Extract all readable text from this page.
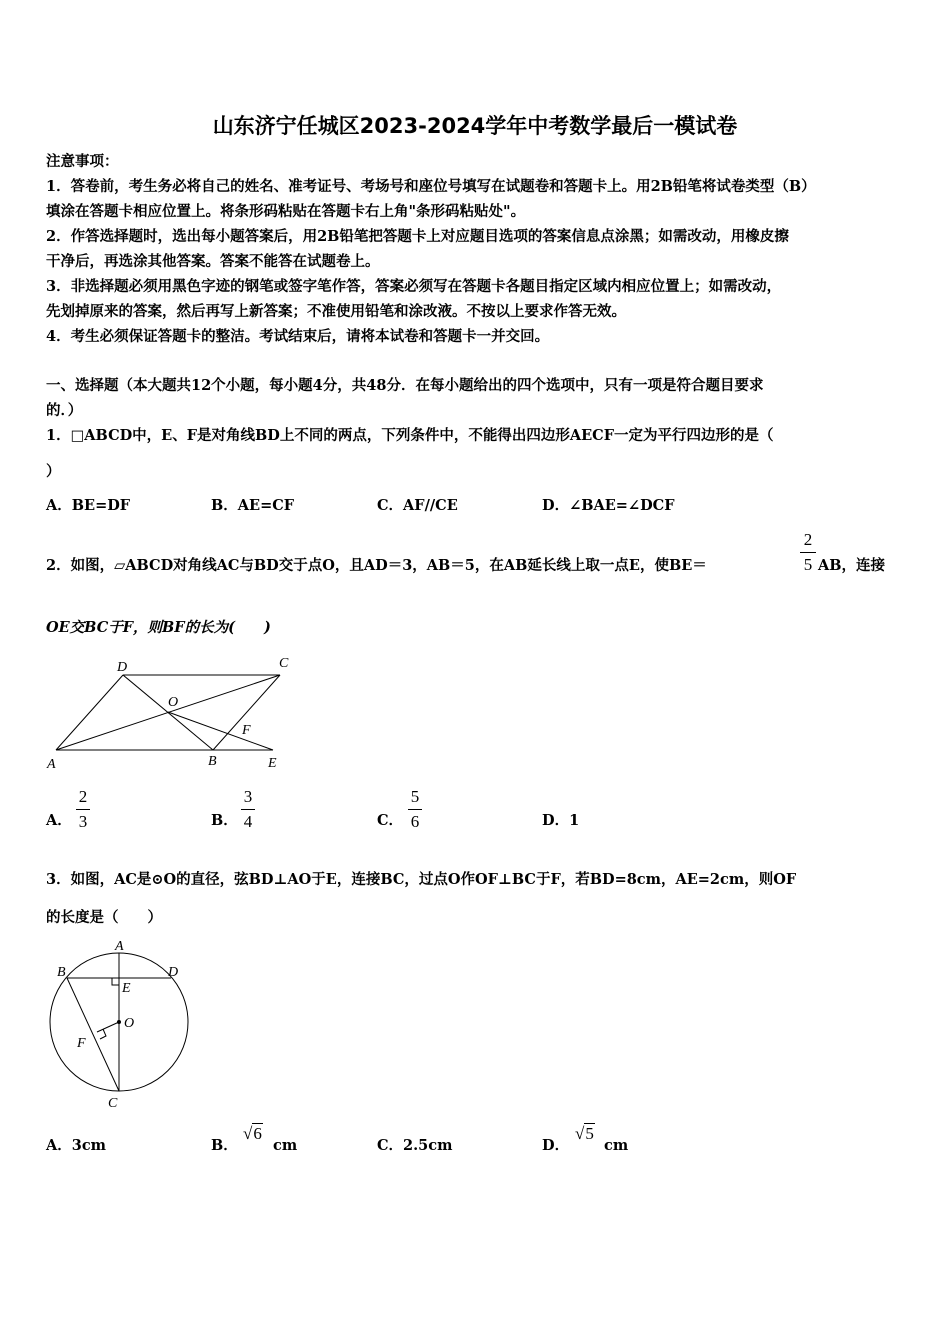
山东济宁任城区2023-2024学年中考数学最后一模试卷
注意事项：
1．答卷前，考生务必将自己的姓名、准考证号、考场号和座位号填写在试题卷和答题卡上。用2B铅笔将试卷类型（B）
填涂在答题卡相应位置上。将条形码粘贴在答题卡右上角"条形码粘贴处"。
2．作答选择题时，选出每小题答案后，用2B铅笔把答题卡上对应题目选项的答案信息点涂黑；如需改动，用橡皮擦
干净后，再选涂其他答案。答案不能答在试题卷上。
3．非选择题必须用黑色字迹的钢笔或签字笔作答，答案必须写在答题卡各题目指定区域内相应位置上；如需改动，
先划掉原来的答案，然后再写上新答案；不准使用铅笔和涂改液。不按以上要求作答无效。
4．考生必须保证答题卡的整洁。考试结束后，请将本试卷和答题卡一并交回。
一、选择题（本大题共12个小题，每小题4分，共48分．在每小题给出的四个选项中，只有一项是符合题目要求
的．）
1．□ABCD中，E、F是对角线BD上不同的两点，下列条件中，不能得出四边形AECF一定为平行四边形的是（
）
A．BE=DF	B．AE=CF	C．AF//CE	D．∠BAE=∠DCF
2．如图，▱ABCD对角线AC与BD交于点O，且AD＝3，AB＝5，在AB延长线上取一点E，使BE＝
2
5 AB，连接
OE交BC于F，则BF的长为(　　)
D	C
O
F
A	B	E
A．
2
3	B．
3
4	C．
5
6	D．1
3．如图，AC是⊙O的直径，弦BD⊥AO于E，连接BC，过点O作OF⊥BC于F，若BD=8cm，AE=2cm，则OF
的长度是（　　）
A
B	D
E
O
F
C
A．3cm	B．
√6
cm	C．2.5cm	D．
√5
cm
